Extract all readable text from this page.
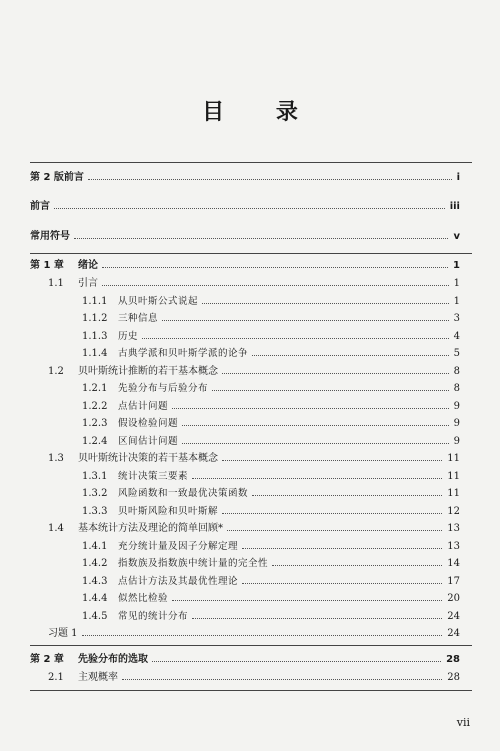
目 录
第 2 版前言	i
前言	iii
常用符号	v
第 1 章 绪论	1
1.1 引言	1
1.1.1 从贝叶斯公式说起	1
1.1.2 三种信息	3
1.1.3 历史	4
1.1.4 古典学派和贝叶斯学派的论争	5
1.2 贝叶斯统计推断的若干基本概念	8
1.2.1 先验分布与后验分布	8
1.2.2 点估计问题	9
1.2.3 假设检验问题	9
1.2.4 区间估计问题	9
1.3 贝叶斯统计决策的若干基本概念	11
1.3.1 统计决策三要素	11
1.3.2 风险函数和一致最优决策函数	11
1.3.3 贝叶斯风险和贝叶斯解	12
1.4 基本统计方法及理论的简单回顾*	13
1.4.1 充分统计量及因子分解定理	13
1.4.2 指数族及指数族中统计量的完全性	14
1.4.3 点估计方法及其最优性理论	17
1.4.4 似然比检验	20
1.4.5 常见的统计分布	24
习题 1	24
第 2 章 先验分布的选取	28
2.1 主观概率	28
vii
